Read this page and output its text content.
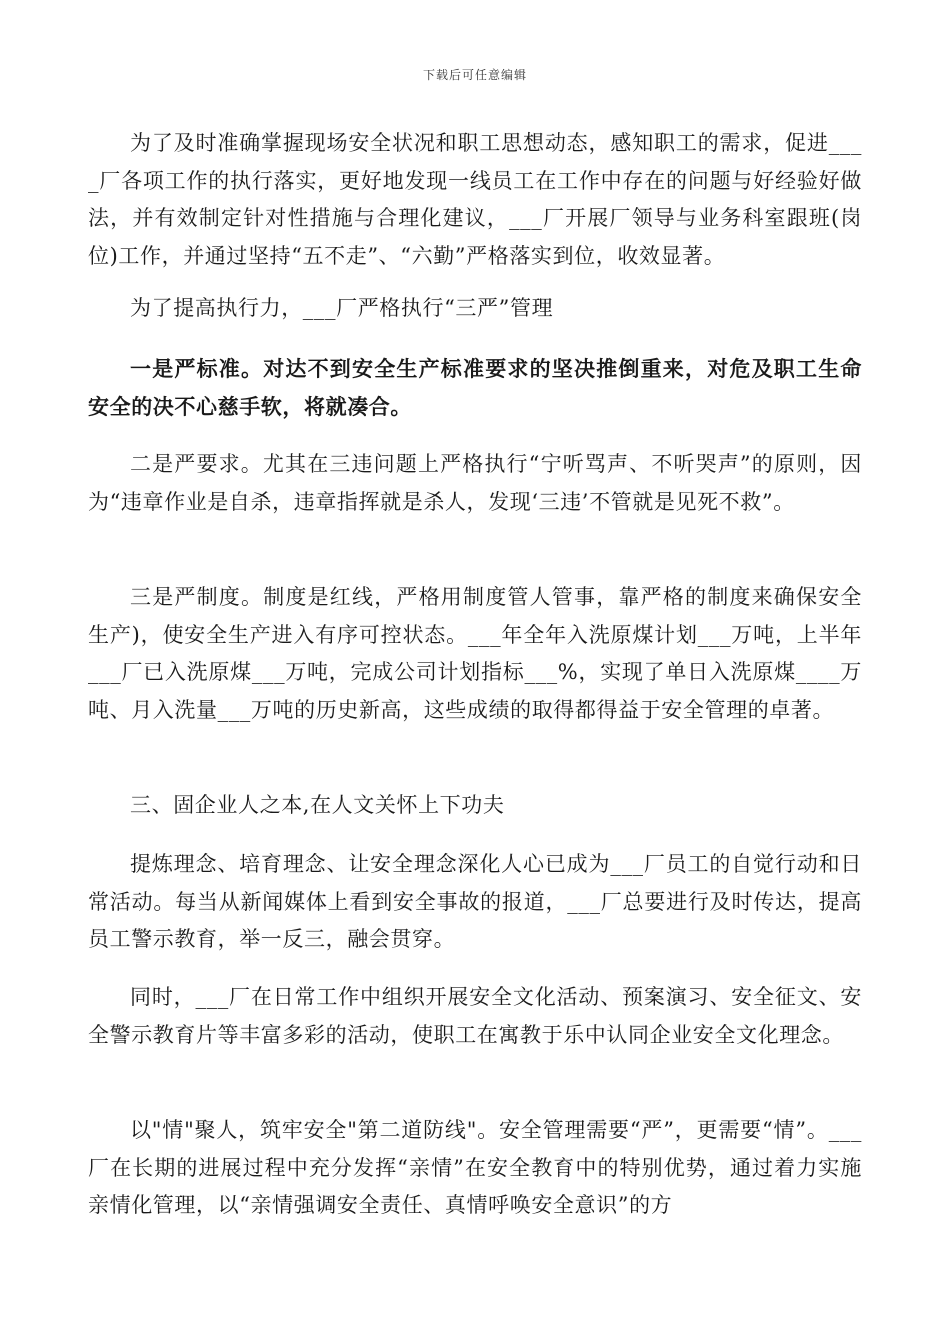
下载后可任意编辑

为了及时准确掌握现场安全状况和职工思想动态，感知职工的需求，促进____厂各项工作的执行落实，更好地发现一线员工在工作中存在的问题与好经验好做法，并有效制定针对性措施与合理化建议，___厂开展厂领导与业务科室跟班(岗位)工作，并通过坚持“五不走”、“六勤”严格落实到位，收效显著。

为了提高执行力，___厂严格执行“三严”管理

一是严标准。对达不到安全生产标准要求的坚决推倒重来，对危及职工生命安全的决不心慈手软，将就凑合。

二是严要求。尤其在三违问题上严格执行“宁听骂声、不听哭声”的原则，因为“违章作业是自杀，违章指挥就是杀人，发现‘三违’不管就是见死不救”。

三是严制度。制度是红线，严格用制度管人管事，靠严格的制度来确保安全生产)，使安全生产进入有序可控状态。___年全年入洗原煤计划___万吨，上半年___厂已入洗原煤___万吨，完成公司计划指标___%，实现了单日入洗原煤____万吨、月入洗量___万吨的历史新高，这些成绩的取得都得益于安全管理的卓著。

三、固企业人之本,在人文关怀上下功夫

提炼理念、培育理念、让安全理念深化人心已成为___厂员工的自觉行动和日常活动。每当从新闻媒体上看到安全事故的报道，___厂总要进行及时传达，提高员工警示教育，举一反三，融会贯穿。

同时，___厂在日常工作中组织开展安全文化活动、预案演习、安全征文、安全警示教育片等丰富多彩的活动，使职工在寓教于乐中认同企业安全文化理念。

以"情"聚人，筑牢安全"第二道防线"。安全管理需要“严”，更需要“情”。___厂在长期的进展过程中充分发挥“亲情”在安全教育中的特别优势，通过着力实施亲情化管理，以“亲情强调安全责任、真情呼唤安全意识”的方
